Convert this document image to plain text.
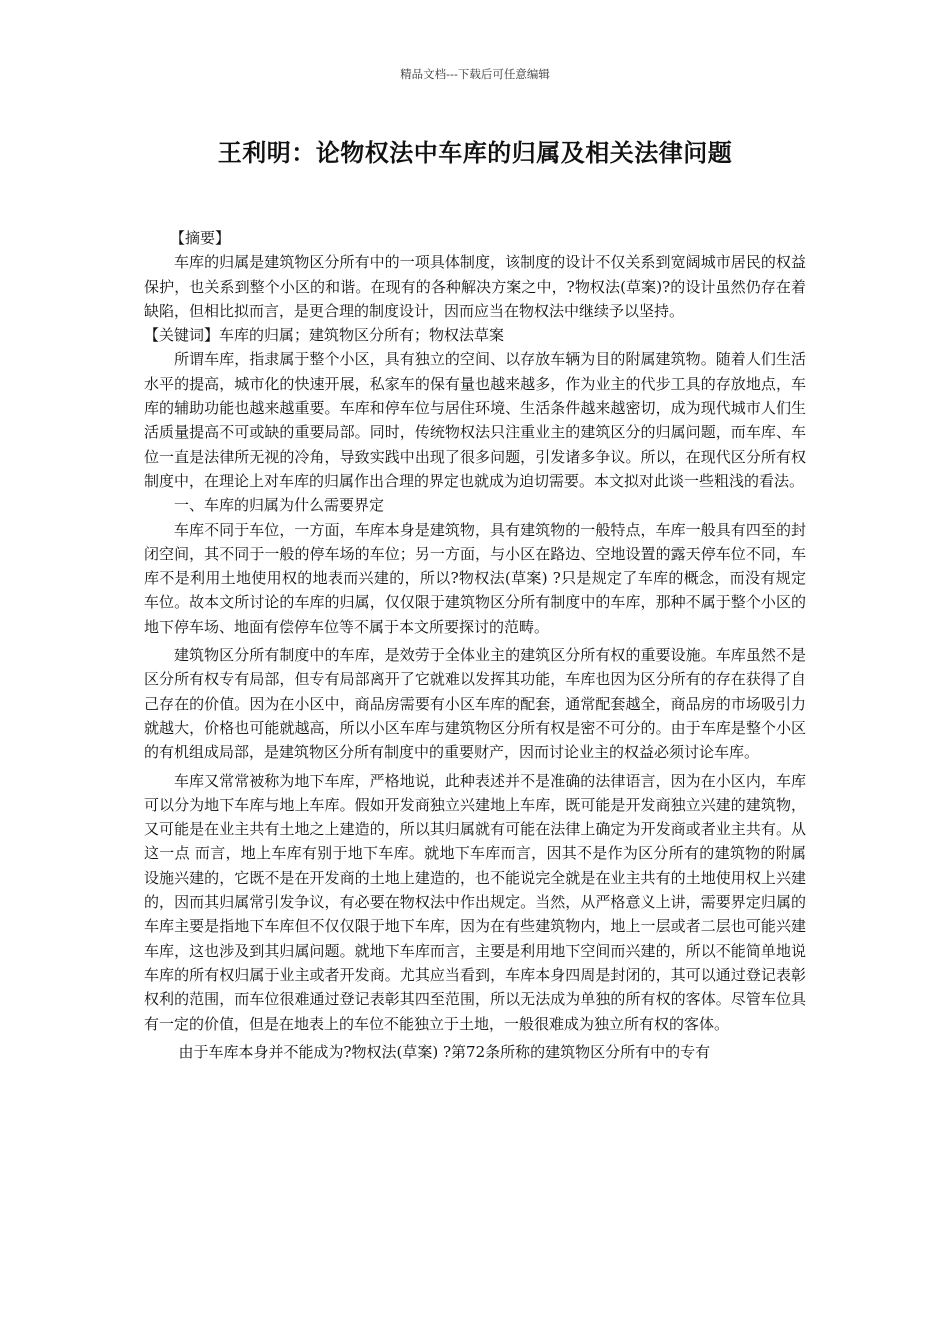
精品文档---下载后可任意编辑
王利明：论物权法中车库的归属及相关法律问题

【摘要】

车库的归属是建筑物区分所有中的一项具体制度，该制度的设计不仅关系到宽阔城市居民的权益保护，也关系到整个小区的和谐。在现有的各种解决方案之中，?物权法(草案)?的设计虽然仍存在着缺陷，但相比拟而言，是更合理的制度设计，因而应当在物权法中继续予以坚持。

【关键词】车库的归属；建筑物区分所有；物权法草案

所谓车库，指隶属于整个小区，具有独立的空间、以存放车辆为目的附属建筑物。随着人们生活水平的提高，城市化的快速开展，私家车的保有量也越来越多，作为业主的代步工具的存放地点，车库的辅助功能也越来越重要。车库和停车位与居住环境、生活条件越来越密切，成为现代城市人们生活质量提高不可或缺的重要局部。同时，传统物权法只注重业主的建筑区分的归属问题，而车库、车位一直是法律所无视的冷角，导致实践中出现了很多问题，引发诸多争议。所以，在现代区分所有权制度中，在理论上对车库的归属作出合理的界定也就成为迫切需要。本文拟对此谈一些粗浅的看法。

一、车库的归属为什么需要界定

车库不同于车位，一方面，车库本身是建筑物，具有建筑物的一般特点，车库一般具有四至的封闭空间，其不同于一般的停车场的车位；另一方面，与小区在路边、空地设置的露天停车位不同，车库不是利用土地使用权的地表而兴建的，所以?物权法(草案) ?只是规定了车库的概念，而没有规定车位。故本文所讨论的车库的归属，仅仅限于建筑物区分所有制度中的车库，那种不属于整个小区的地下停车场、地面有偿停车位等不属于本文所要探讨的范畴。

建筑物区分所有制度中的车库，是效劳于全体业主的建筑区分所有权的重要设施。车库虽然不是区分所有权专有局部，但专有局部离开了它就难以发挥其功能，车库也因为区分所有的存在获得了自己存在的价值。因为在小区中，商品房需要有小区车库的配套，通常配套越全，商品房的市场吸引力就越大，价格也可能就越高，所以小区车库与建筑物区分所有权是密不可分的。由于车库是整个小区的有机组成局部，是建筑物区分所有制度中的重要财产，因而讨论业主的权益必须讨论车库。

车库又常常被称为地下车库，严格地说，此种表述并不是准确的法律语言，因为在小区内，车库可以分为地下车库与地上车库。假如开发商独立兴建地上车库，既可能是开发商独立兴建的建筑物，又可能是在业主共有土地之上建造的，所以其归属就有可能在法律上确定为开发商或者业主共有。从这一点 而言，地上车库有别于地下车库。就地下车库而言，因其不是作为区分所有的建筑物的附属设施兴建的，它既不是在开发商的土地上建造的，也不能说完全就是在业主共有的土地使用权上兴建的，因而其归属常引发争议，有必要在物权法中作出规定。当然，从严格意义上讲，需要界定归属的车库主要是指地下车库但不仅仅限于地下车库，因为在有些建筑物内，地上一层或者二层也可能兴建车库，这也涉及到其归属问题。就地下车库而言，主要是利用地下空间而兴建的，所以不能简单地说车库的所有权归属于业主或者开发商。尤其应当看到，车库本身四周是封闭的，其可以通过登记表彰权利的范围，而车位很难通过登记表彰其四至范围，所以无法成为单独的所有权的客体。尽管车位具有一定的价值，但是在地表上的车位不能独立于土地，一般很难成为独立所有权的客体。

由于车库本身并不能成为?物权法(草案) ?第72条所称的建筑物区分所有中的专有
